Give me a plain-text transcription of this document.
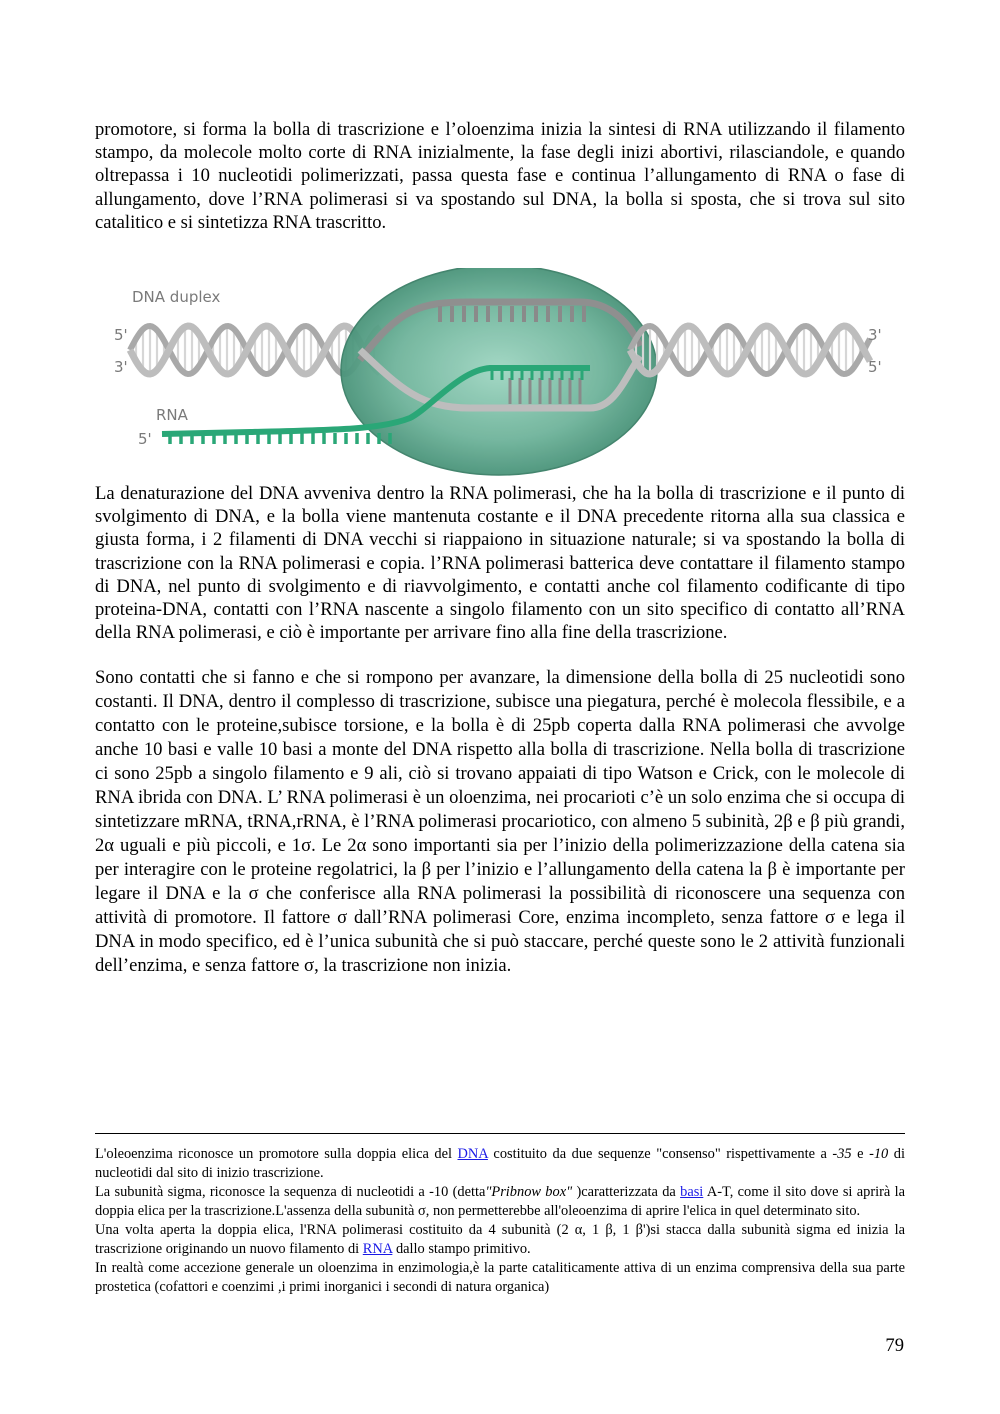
promotore, si forma la bolla di trascrizione e l’oloenzima inizia la sintesi di RNA utilizzando il filamento stampo, da molecole molto corte di RNA inizialmente, la fase degli inizi abortivi, rilasciandole, e quando oltrepassa i 10 nucleotidi polimerizzati, passa questa fase e continua l’allungamento di RNA o fase di allungamento, dove l’RNA polimerasi si va spostando sul DNA, la bolla si sposta, che si trova sul sito catalitico e si sintetizza RNA trascritto.

DNA duplex
5'
3'
3'
5'
RNA
5'

La denaturazione del DNA avveniva dentro la RNA polimerasi, che ha la bolla di trascrizione e il punto di svolgimento di DNA, e la bolla viene mantenuta costante e il DNA precedente ritorna alla sua classica e giusta forma, i 2 filamenti di DNA vecchi si riappaiono in situazione naturale; si va spostando la bolla di trascrizione con la RNA polimerasi e copia. l’RNA polimerasi batterica deve contattare il filamento stampo di DNA, nel punto di svolgimento e di riavvolgimento, e contatti anche col filamento codificante di tipo proteina-DNA, contatti con l’RNA nascente a singolo filamento con un sito specifico di contatto all’RNA della RNA polimerasi, e ciò è importante per arrivare fino alla fine della trascrizione.

Sono contatti che si fanno e che si rompono per avanzare, la dimensione della bolla di 25 nucleotidi sono costanti. Il DNA, dentro il complesso di trascrizione, subisce una piegatura, perché è molecola flessibile, e a contatto con le proteine,subisce torsione, e la bolla è di 25pb coperta dalla RNA polimerasi che avvolge anche 10 basi e valle 10 basi a monte del DNA rispetto alla bolla di trascrizione. Nella bolla di trascrizione ci sono 25pb a singolo filamento e 9 ali, ciò si trovano appaiati di tipo Watson e Crick, con le molecole di RNA ibrida con DNA. L’ RNA polimerasi è un oloenzima, nei procarioti c’è un solo enzima che si occupa di sintetizzare mRNA, tRNA,rRNA, è l’RNA polimerasi procariotico, con almeno 5 subinità, 2β e β più grandi, 2α uguali e più piccoli, e 1σ. Le 2α sono importanti sia per l’inizio della polimerizzazione della catena sia per interagire con le proteine regolatrici, la β per l’inizio e l’allungamento della catena la β è importante per legare il DNA e la σ che conferisce alla RNA polimerasi la possibilità di riconoscere una sequenza con attività di promotore. Il fattore σ dall’RNA polimerasi Core, enzima incompleto, senza fattore σ e lega il DNA in modo specifico, ed è l’unica subunità che si può staccare, perché queste sono le 2 attività funzionali dell’enzima, e senza fattore σ, la trascrizione non inizia.

L'oleoenzima riconosce un promotore sulla doppia elica del DNA costituito da due sequenze "consenso" rispettivamente a -35 e -10 di nucleotidi dal sito di inizio trascrizione.

La subunità sigma, riconosce la sequenza di nucleotidi a -10 (detta"Pribnow box" )caratterizzata da basi A-T, come il sito dove si aprirà la doppia elica per la trascrizione.L'assenza della subunità σ, non permetterebbe all'oleoenzima di aprire l'elica in quel determinato sito.

Una volta aperta la doppia elica, l'RNA polimerasi costituito da 4 subunità (2 α, 1 β, 1 β')si stacca dalla subunità sigma ed inizia la trascrizione originando un nuovo filamento di RNA dallo stampo primitivo.

In realtà come accezione generale un oloenzima in enzimologia,è la parte cataliticamente attiva di un enzima comprensiva della sua parte prostetica (cofattori e coenzimi ,i primi inorganici i secondi di natura organica)

79
